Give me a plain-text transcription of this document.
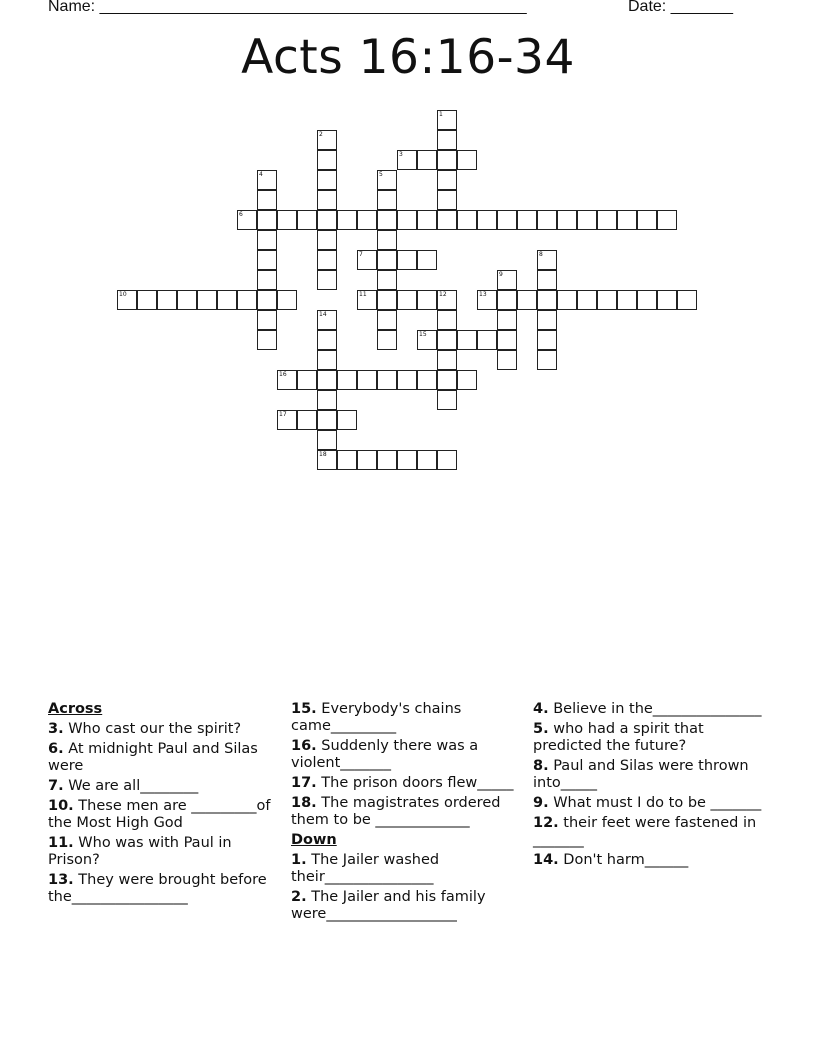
Name: ________________________________________________	Date: _______
Acts 16:16-34
1
2
3
4	5
6
7	8
9
10	11	12	13
14
18
15
16
17
Across
3. Who cast our the spirit?
6. At midnight Paul and Silas were
7. We are all________
10. These men are _________of the Most High God
11. Who was with Paul in Prison?
13. They were brought before the________________
15. Everybody's chains came_________
16. Suddenly there was a violent_______
17. The prison doors flew_____
18. The magistrates ordered them to be _____________
Down
1. The Jailer washed their_______________
2. The Jailer and his family were__________________
4. Believe in the_______________
5. who had a spirit that predicted the future?
8. Paul and Silas were thrown into_____
9. What must I do to be _______
12. their feet were fastened in _______
14. Don't harm______
